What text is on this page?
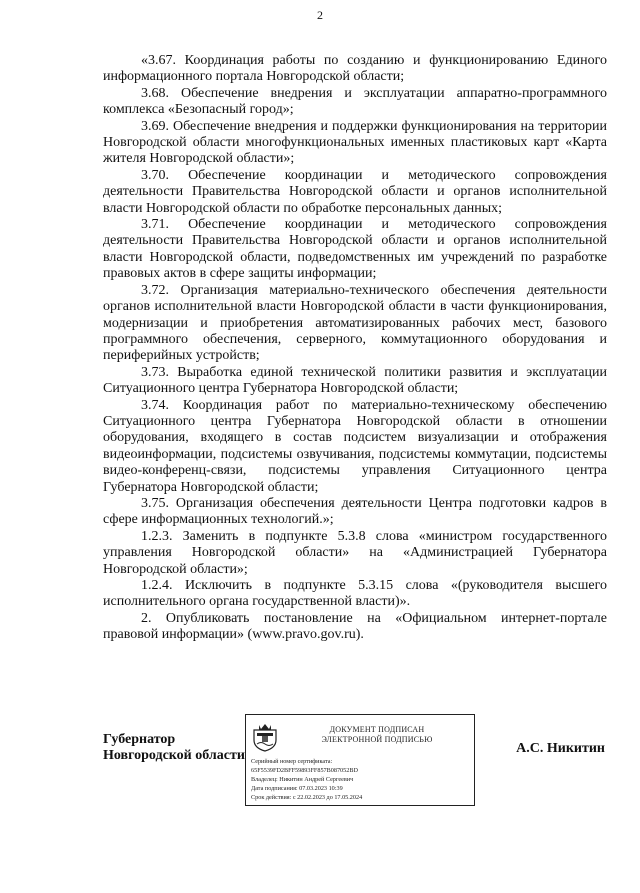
2

«3.67. Координация работы по созданию и функционированию Единого информационного портала Новгородской области;

3.68. Обеспечение внедрения и эксплуатации аппаратно-программного комплекса «Безопасный город»;

3.69. Обеспечение внедрения и поддержки функционирования на территории Новгородской области многофункциональных именных пластиковых карт «Карта жителя Новгородской области»;

3.70. Обеспечение координации и методического сопровождения деятельности Правительства Новгородской области и органов исполнительной власти Новгородской области по обработке персональных данных;

3.71. Обеспечение координации и методического сопровождения деятельности Правительства Новгородской области и органов исполнительной власти Новгородской области, подведомственных им учреждений по разработке правовых актов в сфере защиты информации;

3.72. Организация материально-технического обеспечения деятельности органов исполнительной власти Новгородской области в части функционирования, модернизации и приобретения автоматизированных рабочих мест, базового программного обеспечения, серверного, коммутационного оборудования и периферийных устройств;

3.73. Выработка единой технической политики развития и эксплуатации Ситуационного центра Губернатора Новгородской области;

3.74. Координация работ по материально-техническому обеспечению Ситуационного центра Губернатора Новгородской области в отношении оборудования, входящего в состав подсистем визуализации и отображения видеоинформации, подсистемы озвучивания, подсистемы коммутации, подсистемы видео-конференц-связи, подсистемы управления Ситуационного центра Губернатора Новгородской области;

3.75. Организация обеспечения деятельности Центра подготовки кадров в сфере информационных технологий.»;

1.2.3. Заменить в подпункте 5.3.8 слова «министром государственного управления Новгородской области» на «Администрацией Губернатора Новгородской области»;

1.2.4. Исключить в подпункте 5.3.15 слова «(руководителя высшего исполнительного органа государственной власти)».

2. Опубликовать постановление на «Официальном интернет-портале правовой информации» (www.pravo.gov.ru).

Губернатор
Новгородской области
ДОКУМЕНТ ПОДПИСАН
ЭЛЕКТРОННОЙ ПОДПИСЬЮ
Серийный номер сертификата:
65F5539FD2BFF59893FF857B087052BD
Владелец: Никитин Андрей Сергеевич
Дата подписания: 07.03.2023 10:39
Срок действия: с 22.02.2023 до 17.05.2024
А.С. Никитин
